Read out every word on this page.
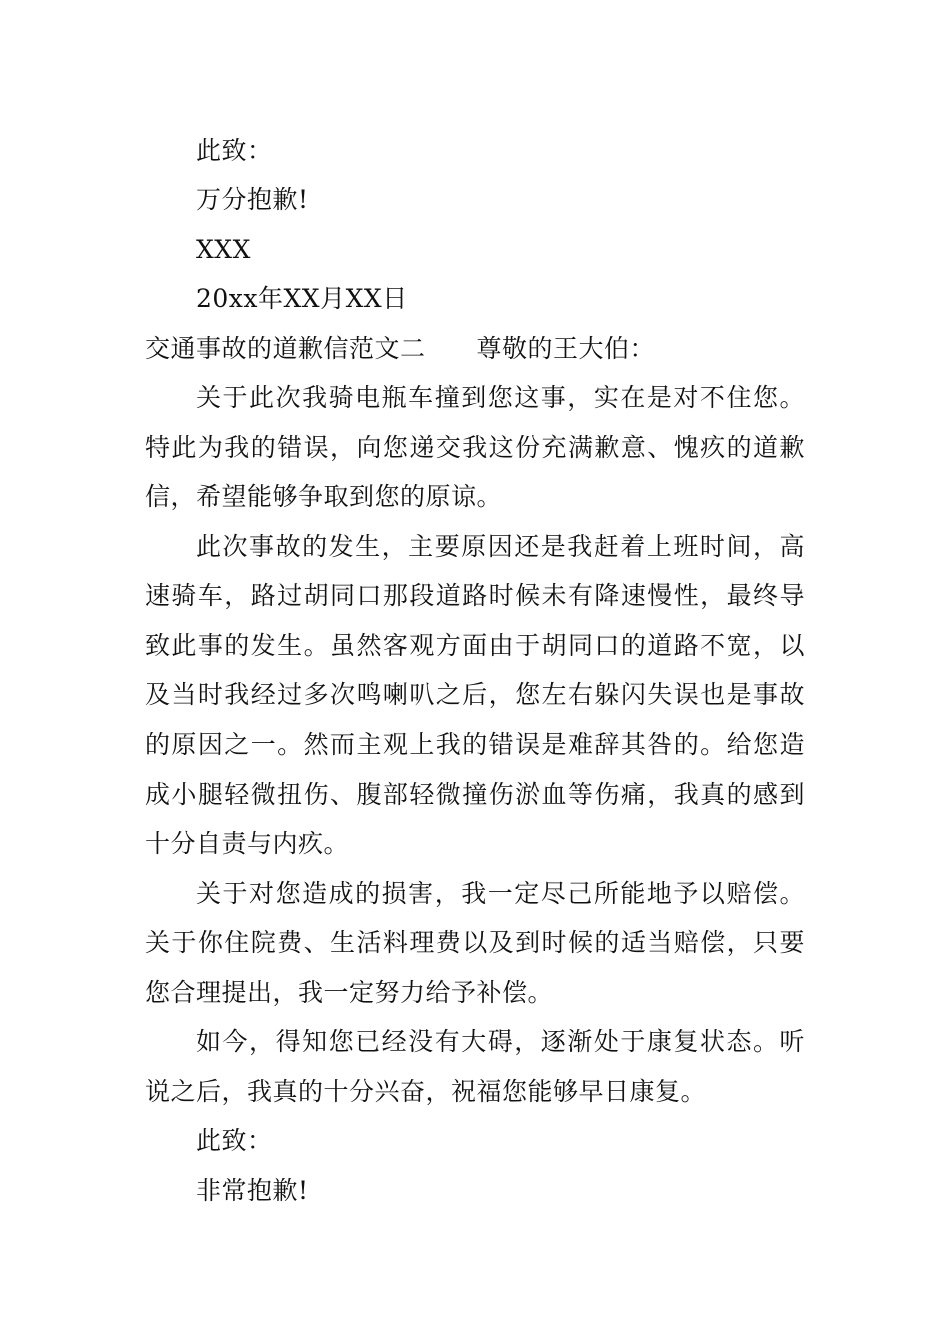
此致：
万分抱歉!
XXX
20xx年XX月XX日
交通事故的道歉信范文二　　尊敬的王大伯：
关于此次我骑电瓶车撞到您这事，实在是对不住您。
特此为我的错误，向您递交我这份充满歉意、愧疚的道歉
信，希望能够争取到您的原谅。
此次事故的发生，主要原因还是我赶着上班时间，高
速骑车，路过胡同口那段道路时候未有降速慢性，最终导
致此事的发生。虽然客观方面由于胡同口的道路不宽，以
及当时我经过多次鸣喇叭之后，您左右躲闪失误也是事故
的原因之一。然而主观上我的错误是难辞其咎的。给您造
成小腿轻微扭伤、腹部轻微撞伤淤血等伤痛，我真的感到
十分自责与内疚。
关于对您造成的损害，我一定尽己所能地予以赔偿。
关于你住院费、生活料理费以及到时候的适当赔偿，只要
您合理提出，我一定努力给予补偿。
如今，得知您已经没有大碍，逐渐处于康复状态。听
说之后，我真的十分兴奋，祝福您能够早日康复。
此致：
非常抱歉!
